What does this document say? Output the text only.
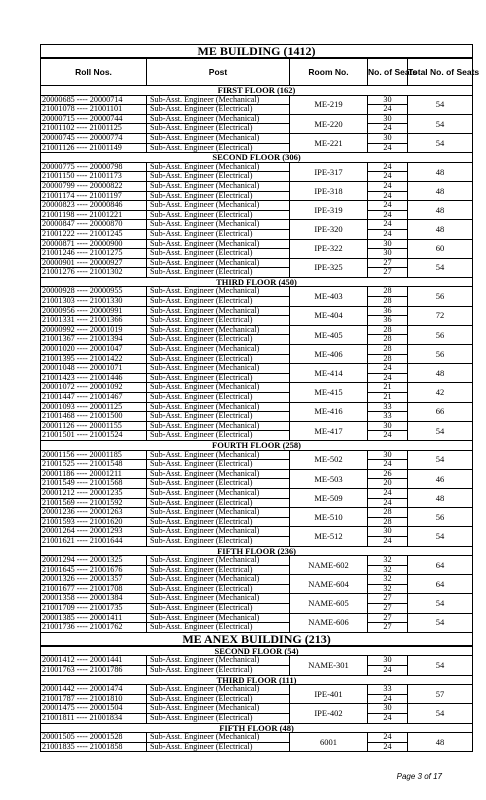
ME BUILDING (1412)				
Roll Nos.	Post	Room No.	No. of Seats	Total No. of Seats
FIRST FLOOR (162)				
20000685 ---- 20000714	Sub-Asst. Engineer (Mechanical)	ME-219	30	54
21001078 ---- 21001101	Sub-Asst. Engineer (Electrical)		24	
20000715 ---- 20000744	Sub-Asst. Engineer (Mechanical)	ME-220	30	54
21001102 ---- 21001125	Sub-Asst. Engineer (Electrical)		24	
20000745 ---- 20000774	Sub-Asst. Engineer (Mechanical)	ME-221	30	54
21001126 ---- 21001149	Sub-Asst. Engineer (Electrical)		24	
SECOND FLOOR (306)				
20000775 ---- 20000798	Sub-Asst. Engineer (Mechanical)	IPE-317	24	48
21001150 ---- 21001173	Sub-Asst. Engineer (Electrical)		24	
20000799 ---- 20000822	Sub-Asst. Engineer (Mechanical)	IPE-318	24	48
21001174 ---- 21001197	Sub-Asst. Engineer (Electrical)		24	
20000823 ---- 20000846	Sub-Asst. Engineer (Mechanical)	IPE-319	24	48
21001198 ---- 21001221	Sub-Asst. Engineer (Electrical)		24	
20000847 ---- 20000870	Sub-Asst. Engineer (Mechanical)	IPE-320	24	48
21001222 ---- 21001245	Sub-Asst. Engineer (Electrical)		24	
20000871 ---- 20000900	Sub-Asst. Engineer (Mechanical)	IPE-322	30	60
21001246 ---- 21001275	Sub-Asst. Engineer (Electrical)		30	
20000901 ---- 20000927	Sub-Asst. Engineer (Mechanical)	IPE-325	27	54
21001276 ---- 21001302	Sub-Asst. Engineer (Electrical)		27	
THIRD FLOOR (450)				
20000928 ---- 20000955	Sub-Asst. Engineer (Mechanical)	ME-403	28	56
21001303 ---- 21001330	Sub-Asst. Engineer (Electrical)		28	
20000956 ---- 20000991	Sub-Asst. Engineer (Mechanical)	ME-404	36	72
21001331 ---- 21001366	Sub-Asst. Engineer (Electrical)		36	
20000992 ---- 20001019	Sub-Asst. Engineer (Mechanical)	ME-405	28	56
21001367 ---- 21001394	Sub-Asst. Engineer (Electrical)		28	
20001020 ---- 20001047	Sub-Asst. Engineer (Mechanical)	ME-406	28	56
21001395 ---- 21001422	Sub-Asst. Engineer (Electrical)		28	
20001048 ---- 20001071	Sub-Asst. Engineer (Mechanical)	ME-414	24	48
21001423 ---- 21001446	Sub-Asst. Engineer (Electrical)		24	
20001072 ---- 20001092	Sub-Asst. Engineer (Mechanical)	ME-415	21	42
21001447 ---- 21001467	Sub-Asst. Engineer (Electrical)		21	
20001093 ---- 20001125	Sub-Asst. Engineer (Mechanical)	ME-416	33	66
21001468 ---- 21001500	Sub-Asst. Engineer (Electrical)		33	
20001126 ---- 20001155	Sub-Asst. Engineer (Mechanical)	ME-417	30	54
21001501 ---- 21001524	Sub-Asst. Engineer (Electrical)		24	
FOURTH FLOOR (258)				
20001156 ---- 20001185	Sub-Asst. Engineer (Mechanical)	ME-502	30	54
21001525 ---- 21001548	Sub-Asst. Engineer (Electrical)		24	
20001186 ---- 20001211	Sub-Asst. Engineer (Mechanical)	ME-503	26	46
21001549 ---- 21001568	Sub-Asst. Engineer (Electrical)		20	
20001212 ---- 20001235	Sub-Asst. Engineer (Mechanical)	ME-509	24	48
21001569 ---- 21001592	Sub-Asst. Engineer (Electrical)		24	
20001236 ---- 20001263	Sub-Asst. Engineer (Mechanical)	ME-510	28	56
21001593 ---- 21001620	Sub-Asst. Engineer (Electrical)		28	
20001264 ---- 20001293	Sub-Asst. Engineer (Mechanical)	ME-512	30	54
21001621 ---- 21001644	Sub-Asst. Engineer (Electrical)		24	
FIFTH FLOOR (236)				
20001294 ---- 20001325	Sub-Asst. Engineer (Mechanical)	NAME-602	32	64
21001645 ---- 21001676	Sub-Asst. Engineer (Electrical)		32	
20001326 ---- 20001357	Sub-Asst. Engineer (Mechanical)	NAME-604	32	64
21001677 ---- 21001708	Sub-Asst. Engineer (Electrical)		32	
20001358 ---- 20001384	Sub-Asst. Engineer (Mechanical)	NAME-605	27	54
21001709 ---- 21001735	Sub-Asst. Engineer (Electrical)		27	
20001385 ---- 20001411	Sub-Asst. Engineer (Mechanical)	NAME-606	27	54
21001736 ---- 21001762	Sub-Asst. Engineer (Electrical)		27	
ME ANEX BUILDING (213)				
SECOND FLOOR (54)				
20001412 ---- 20001441	Sub-Asst. Engineer (Mechanical)	NAME-301	30	54
21001763 ---- 21001786	Sub-Asst. Engineer (Electrical)		24	
THIRD FLOOR (111)				
20001442 ---- 20001474	Sub-Asst. Engineer (Mechanical)	IPE-401	33	57
21001787 ---- 21001810	Sub-Asst. Engineer (Electrical)		24	
20001475 ---- 20001504	Sub-Asst. Engineer (Mechanical)	IPE-402	30	54
21001811 ---- 21001834	Sub-Asst. Engineer (Electrical)		24	
FIFTH FLOOR (48)				
20001505 ---- 20001528	Sub-Asst. Engineer (Mechanical)	6001	24	48
21001835 ---- 21001858	Sub-Asst. Engineer (Electrical)		24	
Page 3 of 17
